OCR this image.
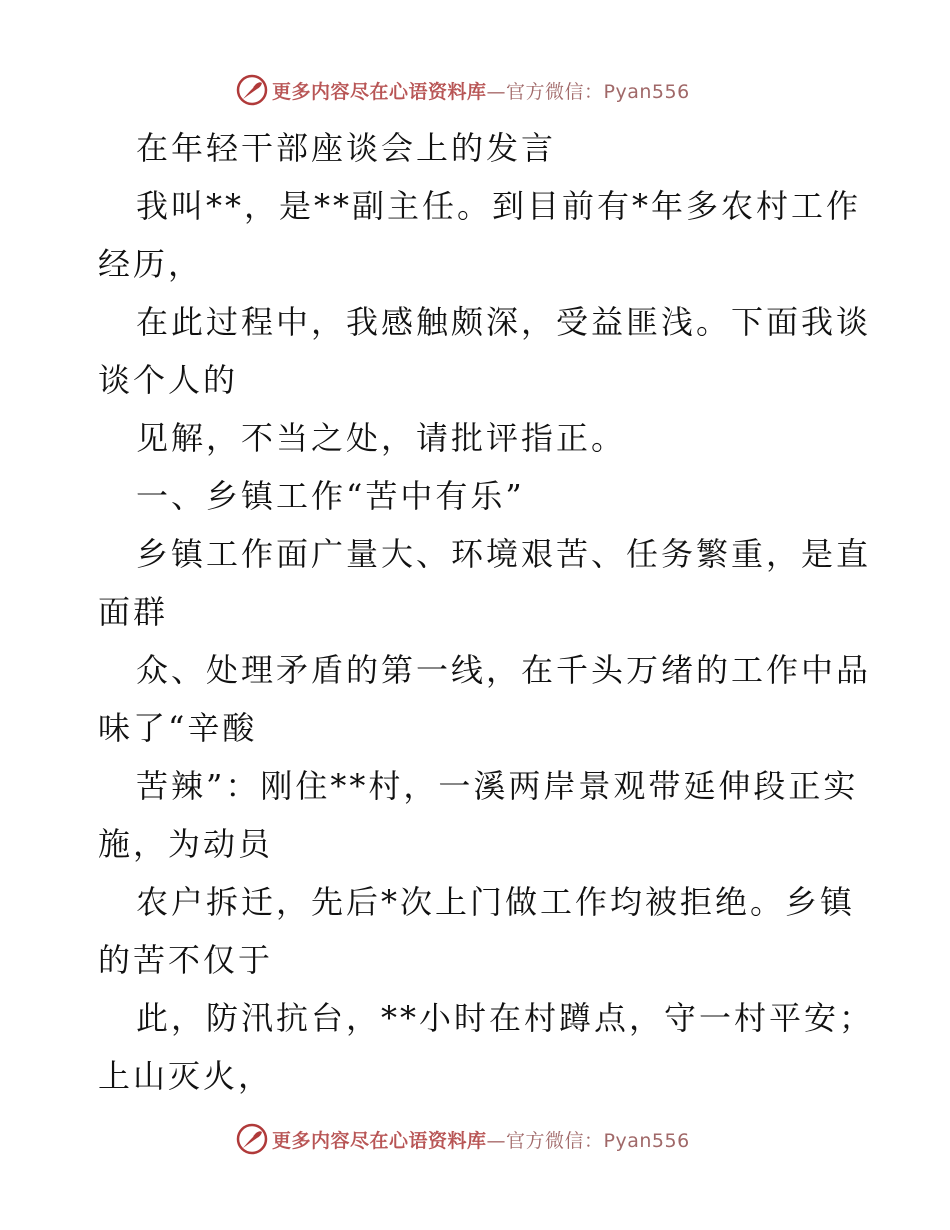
更多内容尽在心语资料库—官方微信：Pyan556
在年轻干部座谈会上的发言
我叫**，是**副主任。到目前有*年多农村工作
经历，
在此过程中，我感触颇深，受益匪浅。下面我谈
谈个人的
见解，不当之处，请批评指正。
一、乡镇工作“苦中有乐”
乡镇工作面广量大、环境艰苦、任务繁重，是直
面群
众、处理矛盾的第一线，在千头万绪的工作中品
味了“辛酸
苦辣”：刚住**村，一溪两岸景观带延伸段正实
施，为动员
农户拆迁，先后*次上门做工作均被拒绝。乡镇
的苦不仅于
此，防汛抗台，**小时在村蹲点，守一村平安；
上山灭火，
更多内容尽在心语资料库—官方微信：Pyan556
